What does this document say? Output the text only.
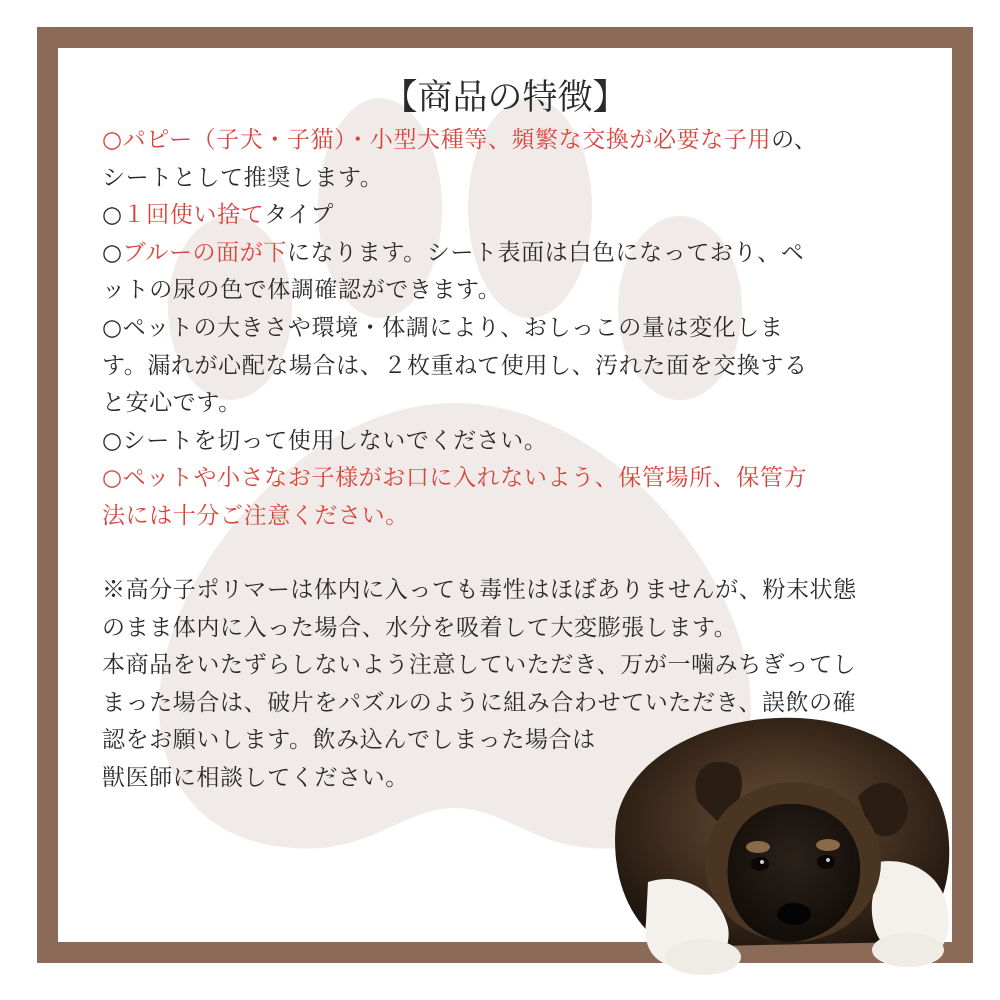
【商品の特徴】
○パピー（子犬・子猫）・小型犬種等、頻繁な交換が必要な子用の、
シートとして推奨します。
○１回使い捨てタイプ
○ブルーの面が下になります。シート表面は白色になっており、ペ
ットの尿の色で体調確認ができます。
○ペットの大きさや環境・体調により、おしっこの量は変化しま
す。漏れが心配な場合は、２枚重ねて使用し、汚れた面を交換する
と安心です。
○シートを切って使用しないでください。
○ペットや小さなお子様がお口に入れないよう、保管場所、保管方
法には十分ご注意ください。
※高分子ポリマーは体内に入っても毒性はほぼありませんが、粉末状態
のまま体内に入った場合、水分を吸着して大変膨張します。
本商品をいたずらしないよう注意していただき、万が一噛みちぎってし
まった場合は、破片をパズルのように組み合わせていただき、誤飲の確
認をお願いします。飲み込んでしまった場合は
獣医師に相談してください。
